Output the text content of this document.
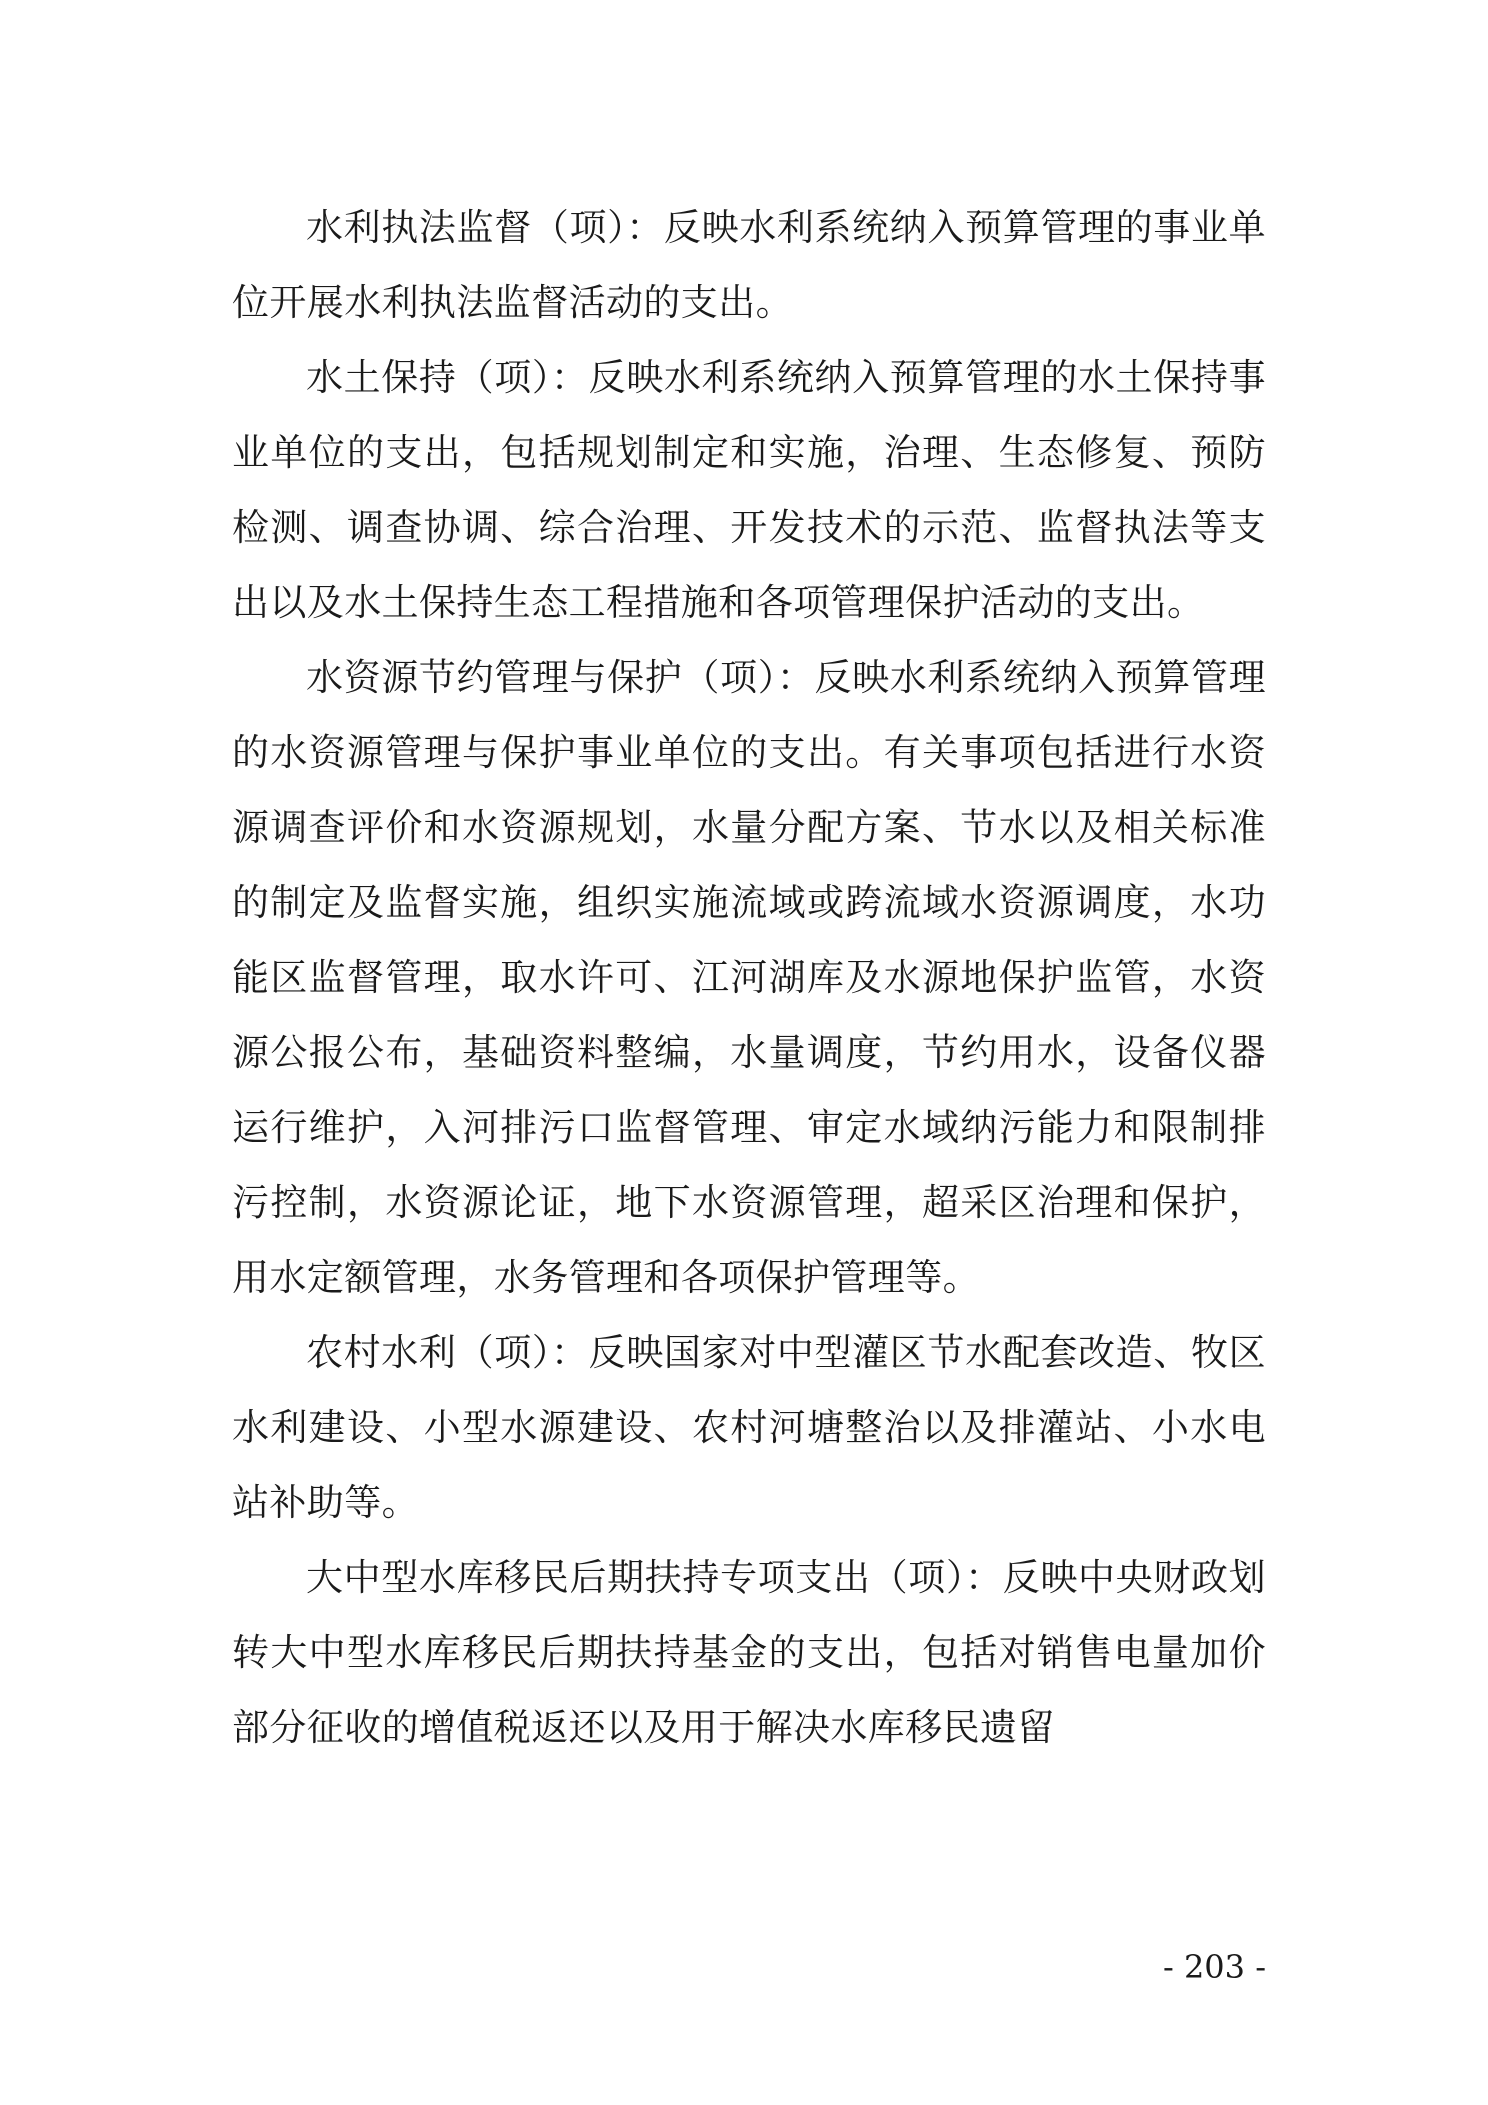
水利执法监督（项）：反映水利系统纳入预算管理的事业单位开展水利执法监督活动的支出。

水土保持（项）：反映水利系统纳入预算管理的水土保持事业单位的支出，包括规划制定和实施，治理、生态修复、预防检测、调查协调、综合治理、开发技术的示范、监督执法等支出以及水土保持生态工程措施和各项管理保护活动的支出。

水资源节约管理与保护（项）：反映水利系统纳入预算管理的水资源管理与保护事业单位的支出。有关事项包括进行水资源调查评价和水资源规划，水量分配方案、节水以及相关标准的制定及监督实施，组织实施流域或跨流域水资源调度，水功能区监督管理，取水许可、江河湖库及水源地保护监管，水资源公报公布，基础资料整编，水量调度，节约用水，设备仪器运行维护，入河排污口监督管理、审定水域纳污能力和限制排污控制，水资源论证，地下水资源管理，超采区治理和保护，用水定额管理，水务管理和各项保护管理等。

农村水利（项）：反映国家对中型灌区节水配套改造、牧区水利建设、小型水源建设、农村河塘整治以及排灌站、小水电站补助等。

大中型水库移民后期扶持专项支出（项）：反映中央财政划转大中型水库移民后期扶持基金的支出，包括对销售电量加价部分征收的增值税返还以及用于解决水库移民遗留

- 203 -
